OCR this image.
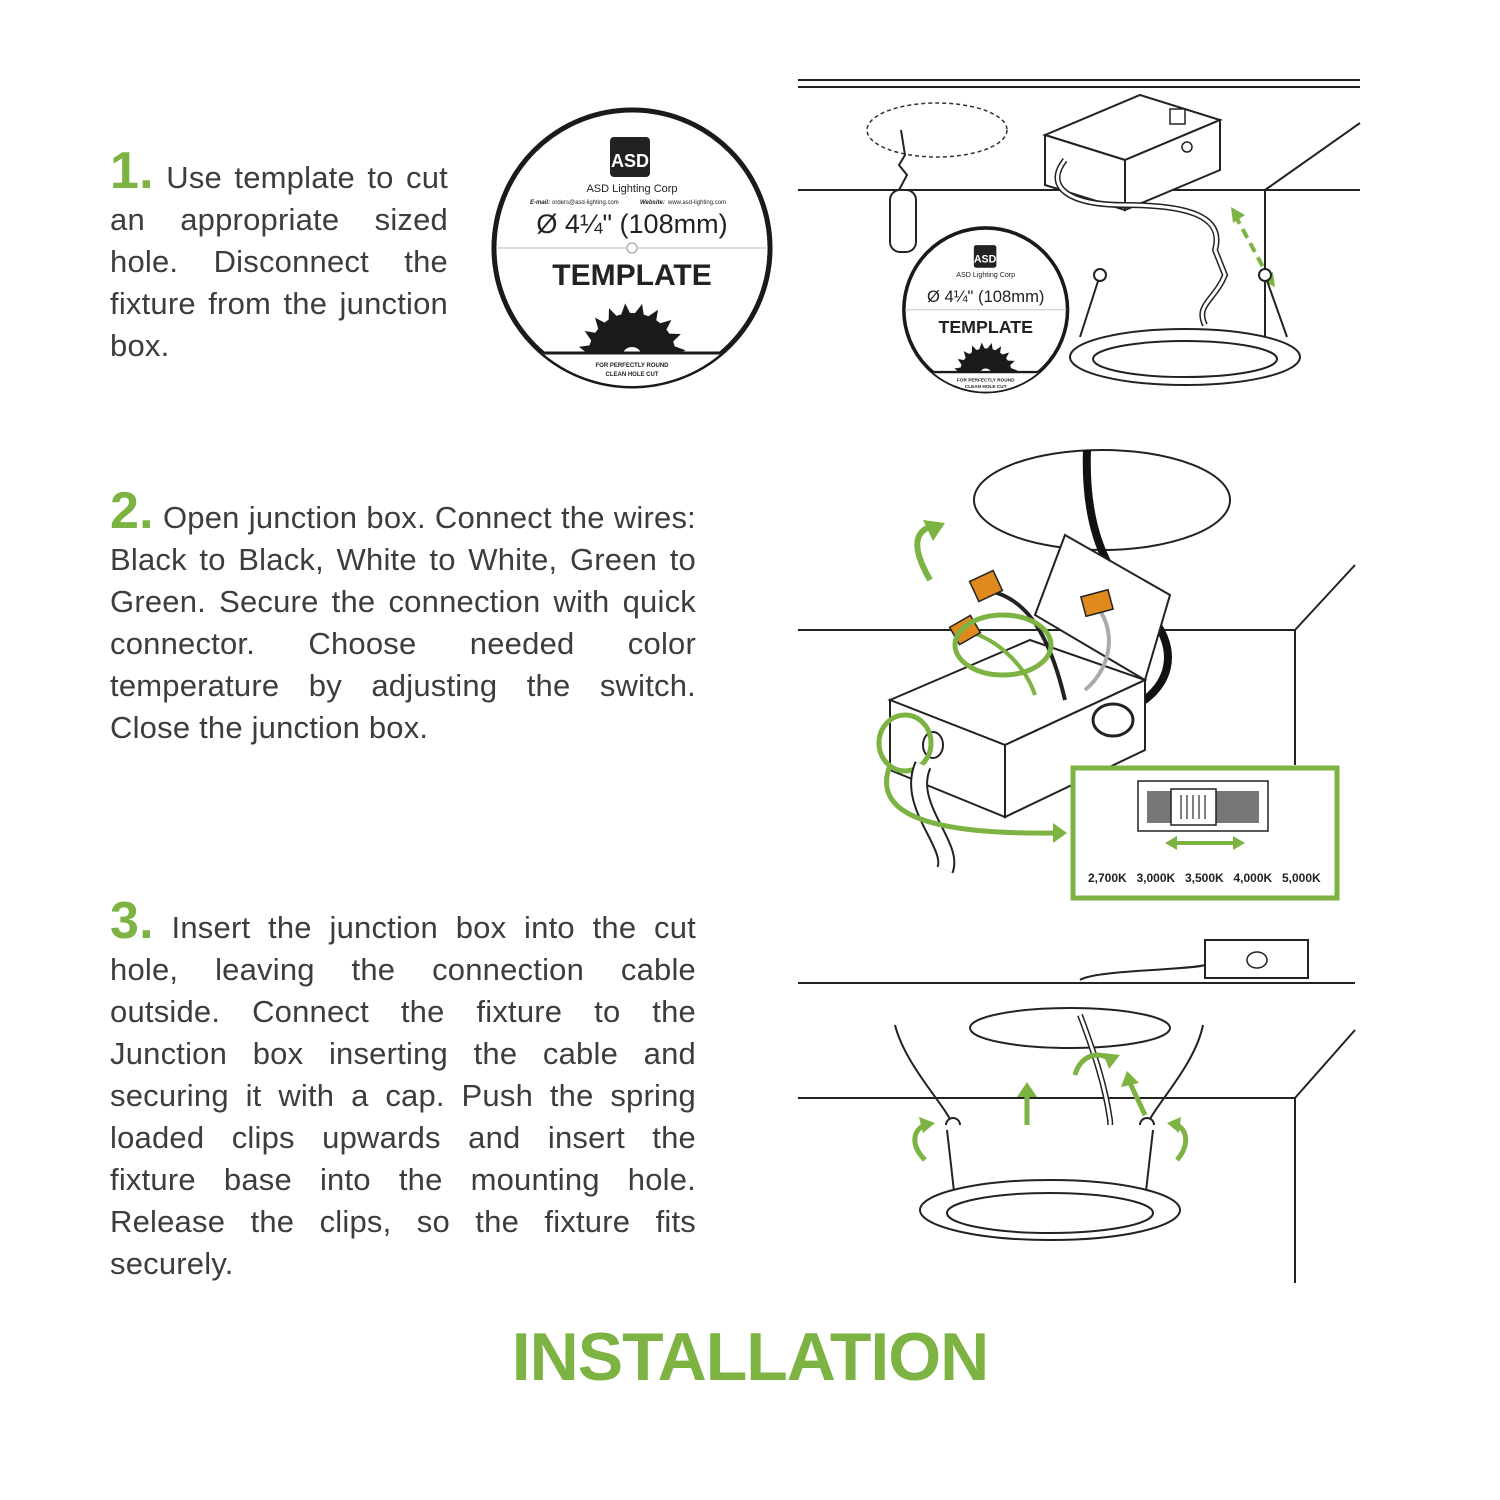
1. Use template to cut an appropriate sized hole. Disconnect the fixture from the junction box.
2. Open junction box. Connect the wires: Black to Black, White to White, Green to Green. Secure the connection with quick connector. Choose needed color temperature by adjusting the switch. Close the junction box.
3. Insert the junction box into the cut hole, leaving the connection cable outside. Connect the fixture to the Junction box inserting the cable and securing it with a cap. Push the spring loaded clips upwards and insert the fixture base into the mounting hole. Release the clips, so the fixture fits securely.
ASD
ASD Lighting Corp
E-mail: orders@asd-lighting.com	Website: www.asd-lighting.com
Ø 4¼" (108mm)
TEMPLATE
FOR PERFECTLY ROUND
CLEAN HOLE CUT
ASD
ASD Lighting Corp
Ø 4¼" (108mm)
TEMPLATE
FOR PERFECTLY ROUND
CLEAN HOLE CUT
2,700K 3,000K 3,500K 4,000K 5,000K
INSTALLATION
